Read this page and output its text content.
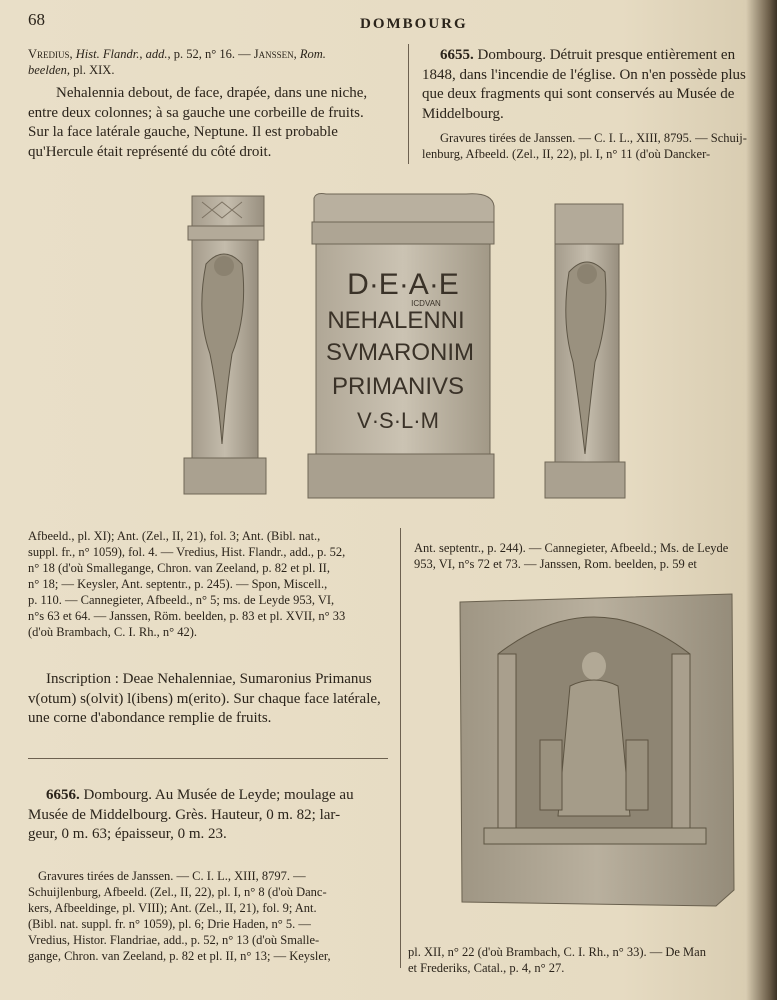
68	DOMBOURG
Vredius, Hist. Flandr., add., p. 52, n° 16. — Janssen, Rom.
beelden, pl. XIX.
Nehalennia debout, de face, drapée, dans une niche,
entre deux colonnes; à sa gauche une corbeille de fruits.
Sur la face latérale gauche, Neptune. Il est probable
qu'Hercule était représenté du côté droit.
6655. Dombourg. Détruit presque entièrement en
1848, dans l'incendie de l'église. On n'en possède plus
que deux fragments qui sont conservés au Musée de
Middelbourg.
Gravures tirées de Janssen. — C. I. L., XIII, 8795. — Schuij-
lenburg, Afbeeld. (Zel., II, 22), pl. I, n° 11 (d'où Dancker-
D·E·A·E
ICDVAN
NEHALENNI
SVMARONIM
PRIMANIVS
V·S·L·M
Afbeeld., pl. XI); Ant. (Zel., II, 21), fol. 3; Ant. (Bibl. nat.,
suppl. fr., n° 1059), fol. 4. — Vredius, Hist. Flandr., add., p. 52,
n° 18 (d'où Smallegange, Chron. van Zeeland, p. 82 et pl. II,
n° 18; — Keysler, Ant. septentr., p. 245). — Spon, Miscell.,
p. 110. — Cannegieter, Afbeeld., n° 5; ms. de Leyde 953, VI,
n°s 63 et 64. — Janssen, Röm. beelden, p. 83 et pl. XVII, n° 33
(d'où Brambach, C. I. Rh., n° 42).
Inscription : Deae Nehalenniae, Sumaronius Primanus
v(otum) s(olvit) l(ibens) m(erito). Sur chaque face latérale,
une corne d'abondance remplie de fruits.
6656. Dombourg. Au Musée de Leyde; moulage au
Musée de Middelbourg. Grès. Hauteur, 0 m. 82; lar-
geur, 0 m. 63; épaisseur, 0 m. 23.
Gravures tirées de Janssen. — C. I. L., XIII, 8797. —
Schuijlenburg, Afbeeld. (Zel., II, 22), pl. I, n° 8 (d'où Danc-
kers, Afbeeldinge, pl. VIII); Ant. (Zel., II, 21), fol. 9; Ant.
(Bibl. nat. suppl. fr. n° 1059), pl. 6; Drie Haden, n° 5. —
Vredius, Histor. Flandriae, add., p. 52, n° 13 (d'où Smalle-
gange, Chron. van Zeeland, p. 82 et pl. II, n° 13; — Keysler,
Ant. septentr., p. 244). — Cannegieter, Afbeeld.; Ms. de Leyde
953, VI, n°s 72 et 73. — Janssen, Rom. beelden, p. 59 et
pl. XII, n° 22 (d'où Brambach, C. I. Rh., n° 33). — De Man
et Frederiks, Catal., p. 4, n° 27.
